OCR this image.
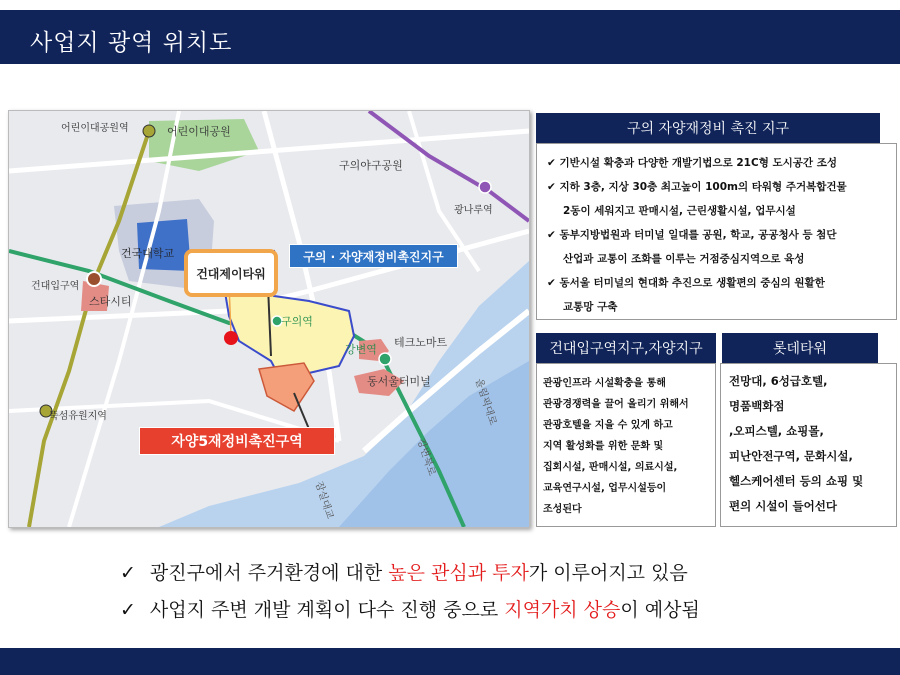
사업지 광역 위치도
어린이대공원역	어린이대공원
구의야구공원
광나루역
건국대학교
건대입구역
스타시티
구의역
강변역
테크노마트
동서울터미널
뚝섬유원지역	올림픽대로
강변북로
잠실대교
건대제이타워
구의 · 자양재정비촉진지구
자양5재정비촉진구역
구의 자양재정비 촉진 지구
✔ 기반시설 확충과 다양한 개발기법으로 21C형 도시공간 조성
✔ 지하 3층, 지상 30층 최고높이 100m의 타워형 주거복합건물
2동이 세워지고 판매시설, 근린생활시설, 업무시설
✔ 동부지방법원과 터미널 일대를 공원, 학교, 공공청사 등 첨단
산업과 교통이 조화를 이루는 거점중심지역으로 육성
✔ 동서울 터미널의 현대화 추진으로 생활편의 중심의 원활한
교통망 구축
건대입구역지구,자양지구
관광인프라 시설확충을 통해
관광경쟁력을 끌어 올리기 위해서
관광호텔을 지을 수 있게 하고
지역 활성화를 위한 문화 및
집회시설, 판매시설, 의료시설,
교육연구시설, 업무시설등이
조성된다
롯데타워
전망대, 6성급호텔,
명품백화점
,오피스텔, 쇼핑몰,
피난안전구역, 문화시설,
헬스케어센터 등의 쇼핑 및
편의 시설이 들어선다
✓ 광진구에서 주거환경에 대한 높은 관심과 투자가 이루어지고 있음
✓ 사업지 주변 개발 계획이 다수 진행 중으로 지역가치 상승이 예상됨
